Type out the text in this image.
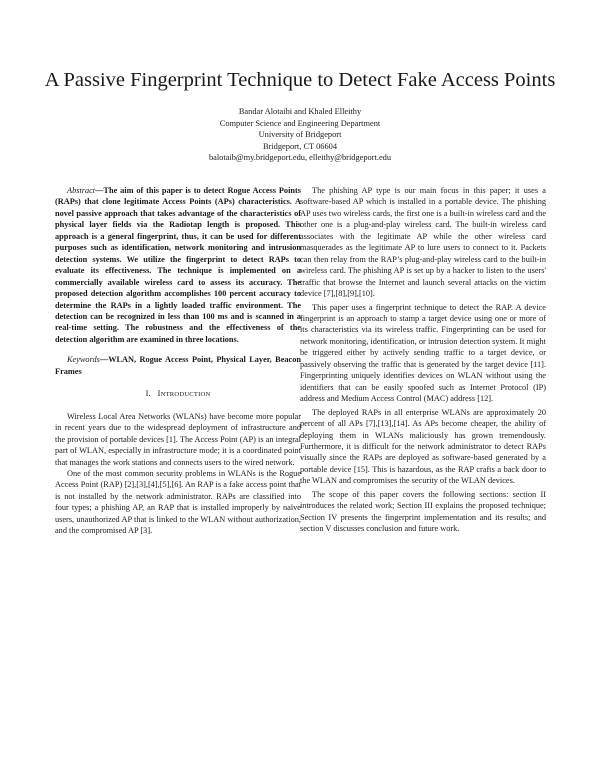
A Passive Fingerprint Technique to Detect Fake Access Points
Bandar Alotaibi and Khaled Elleithy
Computer Science and Engineering Department
University of Bridgeport
Bridgeport, CT 06604
balotaib@my.bridgeport.edu, elleithy@bridgeport.edu

Abstract—The aim of this paper is to detect Rogue Access Points (RAPs) that clone legitimate Access Points (APs) characteristics. A novel passive approach that takes advantage of the characteristics of physical layer fields via the Radiotap length is proposed. This approach is a general fingerprint, thus, it can be used for different purposes such as identification, network monitoring and intrusion detection systems. We utilize the fingerprint to detect RAPs to evaluate its effectiveness. The technique is implemented on a commercially available wireless card to assess its accuracy. The proposed detection algorithm accomplishes 100 percent accuracy to determine the RAPs in a lightly loaded traffic environment. The detection can be recognized in less than 100 ms and is scanned in a real-time setting. The robustness and the effectiveness of the detection algorithm are examined in three locations.

Keywords—WLAN, Rogue Access Point, Physical Layer, Beacon Frames

I. INTRODUCTION

Wireless Local Area Networks (WLANs) have become more popular in recent years due to the widespread deployment of infrastructure and the provision of portable devices [1]. The Access Point (AP) is an integral part of WLAN, especially in infrastructure mode; it is a coordinated point that manages the work stations and connects users to the wired network.

One of the most common security problems in WLANs is the Rogue Access Point (RAP) [2],[3],[4],[5],[6]. An RAP is a fake access point that is not installed by the network administrator. RAPs are classified into four types; a phishing AP, an RAP that is installed improperly by naïve users, unauthorized AP that is linked to the WLAN without authorization, and the compromised AP [3].

The phishing AP type is our main focus in this paper; it uses a software-based AP which is installed in a portable device. The phishing AP uses two wireless cards, the first one is a built-in wireless card and the other one is a plug-and-play wireless card. The built-in wireless card associates with the legitimate AP while the other wireless card masquerades as the legitimate AP to lure users to connect to it. Packets can then relay from the RAP’s plug-and-play wireless card to the built-in wireless card. The phishing AP is set up by a hacker to listen to the users' traffic that browse the Internet and launch several attacks on the victim device [7],[8],[9],[10].

This paper uses a fingerprint technique to detect the RAP. A device fingerprint is an approach to stamp a target device using one or more of its characteristics via its wireless traffic. Fingerprinting can be used for network monitoring, identification, or intrusion detection system. It might be triggered either by actively sending traffic to a target device, or passively observing the traffic that is generated by the target device [11]. Fingerprinting uniquely identifies devices on WLAN without using the identifiers that can be easily spoofed such as Internet Protocol (IP) address and Medium Access Control (MAC) address [12].

The deployed RAPs in all enterprise WLANs are approximately 20 percent of all APs [7],[13],[14]. As APs become cheaper, the ability of deploying them in WLANs maliciously has grown tremendously. Furthermore, it is difficult for the network administrator to detect RAPs visually since the RAPs are deployed as software-based generated by a portable device [15]. This is hazardous, as the RAP crafts a back door to the WLAN and compromises the security of the WLAN devices.

The scope of this paper covers the following sections: section II introduces the related work; Section III explains the proposed technique; Section IV presents the fingerprint implementation and its results; and section V discusses conclusion and future work.
